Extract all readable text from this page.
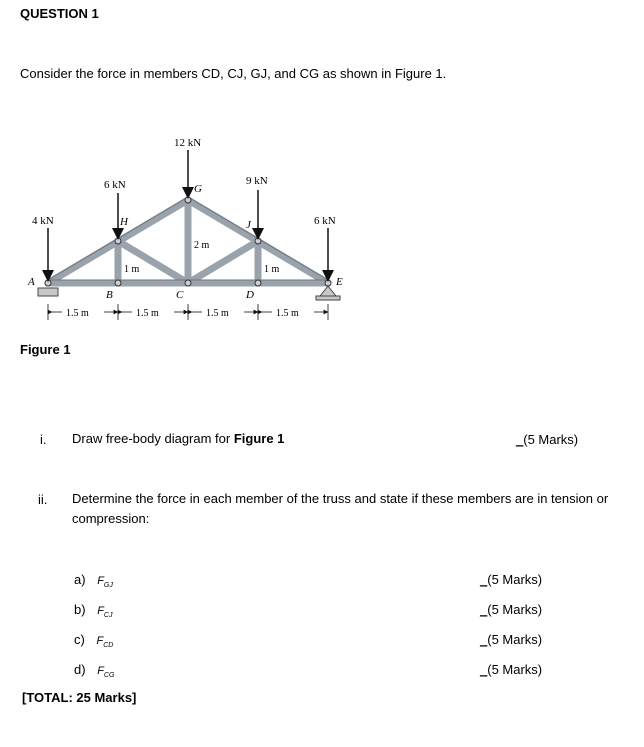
QUESTION 1
Consider the force in members CD, CJ, GJ, and CG as shown in Figure 1.
4 kN
6 kN
12 kN
9 kN
6 kN
A
B	C	D
E
G
H	J
1 m
2 m
1 m
1.5 m	1.5 m	1.5 m	1.5 m
Figure 1
i. Draw free-body diagram for Figure 1	_(5 Marks)
ii. Determine the force in each member of the truss and state if these members are in tension or compression:
a) $F_{GJ}$	_(5 Marks)
b) $F_{CJ}$	_(5 Marks)
c) $F_{CD}$	_(5 Marks)
d) $F_{CG}$	_(5 Marks)
[TOTAL: 25 Marks]
